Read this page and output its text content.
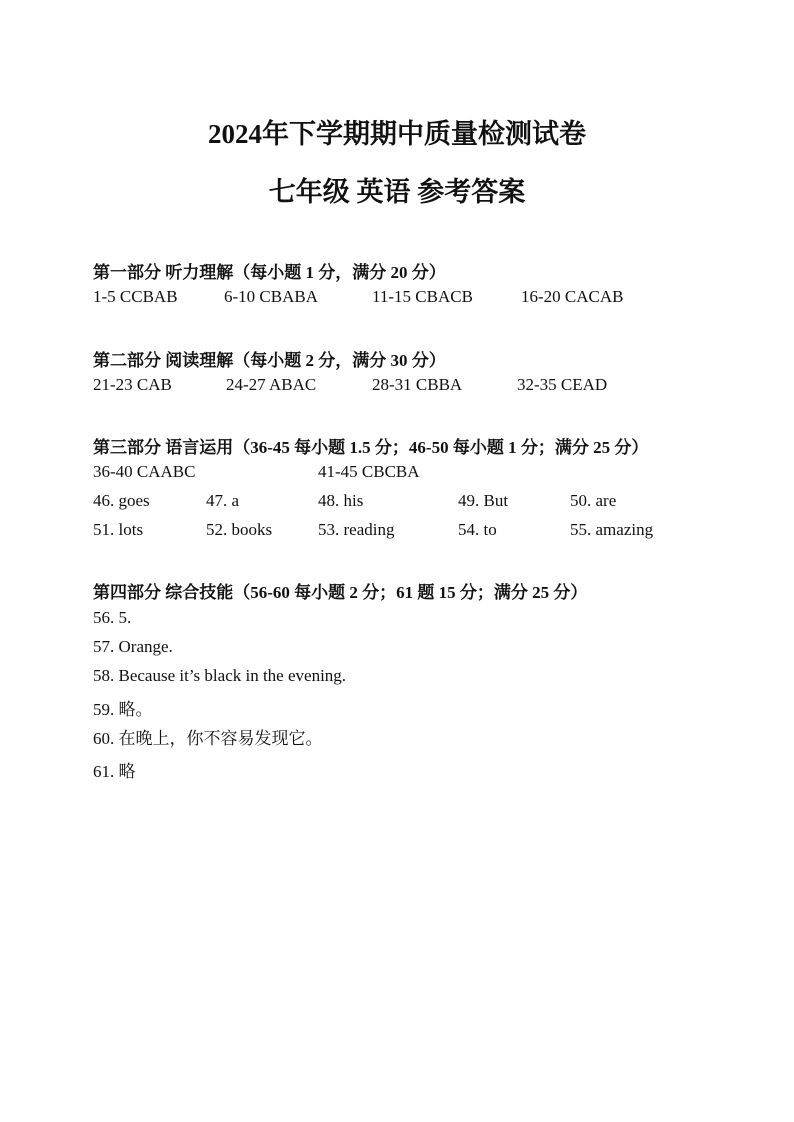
2024年下学期期中质量检测试卷
七年级 英语 参考答案
第一部分 听力理解（每小题 1 分，满分 20 分）
1-5 CCBAB	6-10 CBABA	11-15 CBACB	16-20 CACAB
第二部分 阅读理解（每小题 2 分，满分 30 分）
21-23 CAB	24-27 ABAC	28-31 CBBA	32-35 CEAD
第三部分 语言运用（36-45 每小题 1.5 分；46-50 每小题 1 分；满分 25 分）
36-40 CAABC	41-45 CBCBA
46. goes	47. a	48. his	49. But	50. are
51. lots	52. books	53. reading	54. to	55. amazing
第四部分 综合技能（56-60 每小题 2 分；61 题 15 分；满分 25 分）
56. 5.
57. Orange.
58. Because it’s black in the evening.
59. 略。
60. 在晚上，你不容易发现它。
61. 略
